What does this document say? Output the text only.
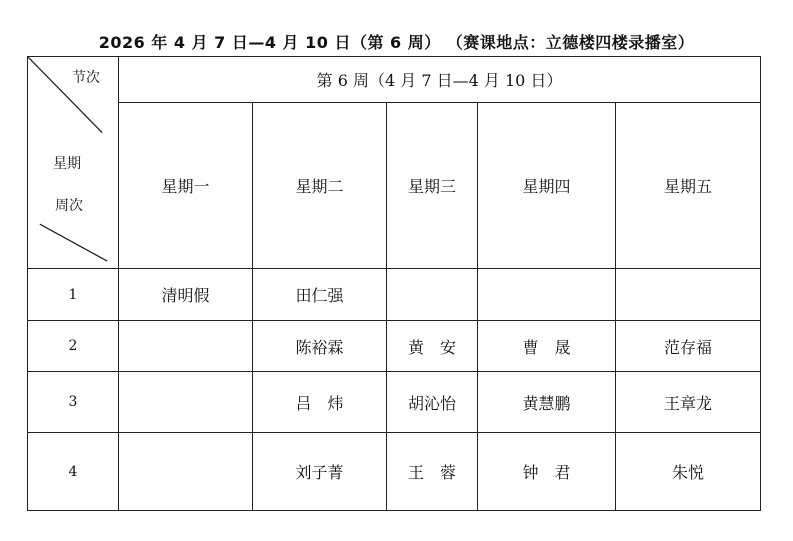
2026 年 4 月 7 日—4 月 10 日（第 6 周） （赛课地点：立德楼四楼录播室）
节次
星期
周次	第 6 周（4 月 7 日—4 月 10 日）				
	星期一	星期二	星期三	星期四	星期五
1	清明假	田仁强			
2		陈裕霖	黄　安	曹　晟	范存福
3		吕　炜	胡沁怡	黄慧鹏	王章龙
4		刘子菁	王　蓉	钟　君	朱悦
